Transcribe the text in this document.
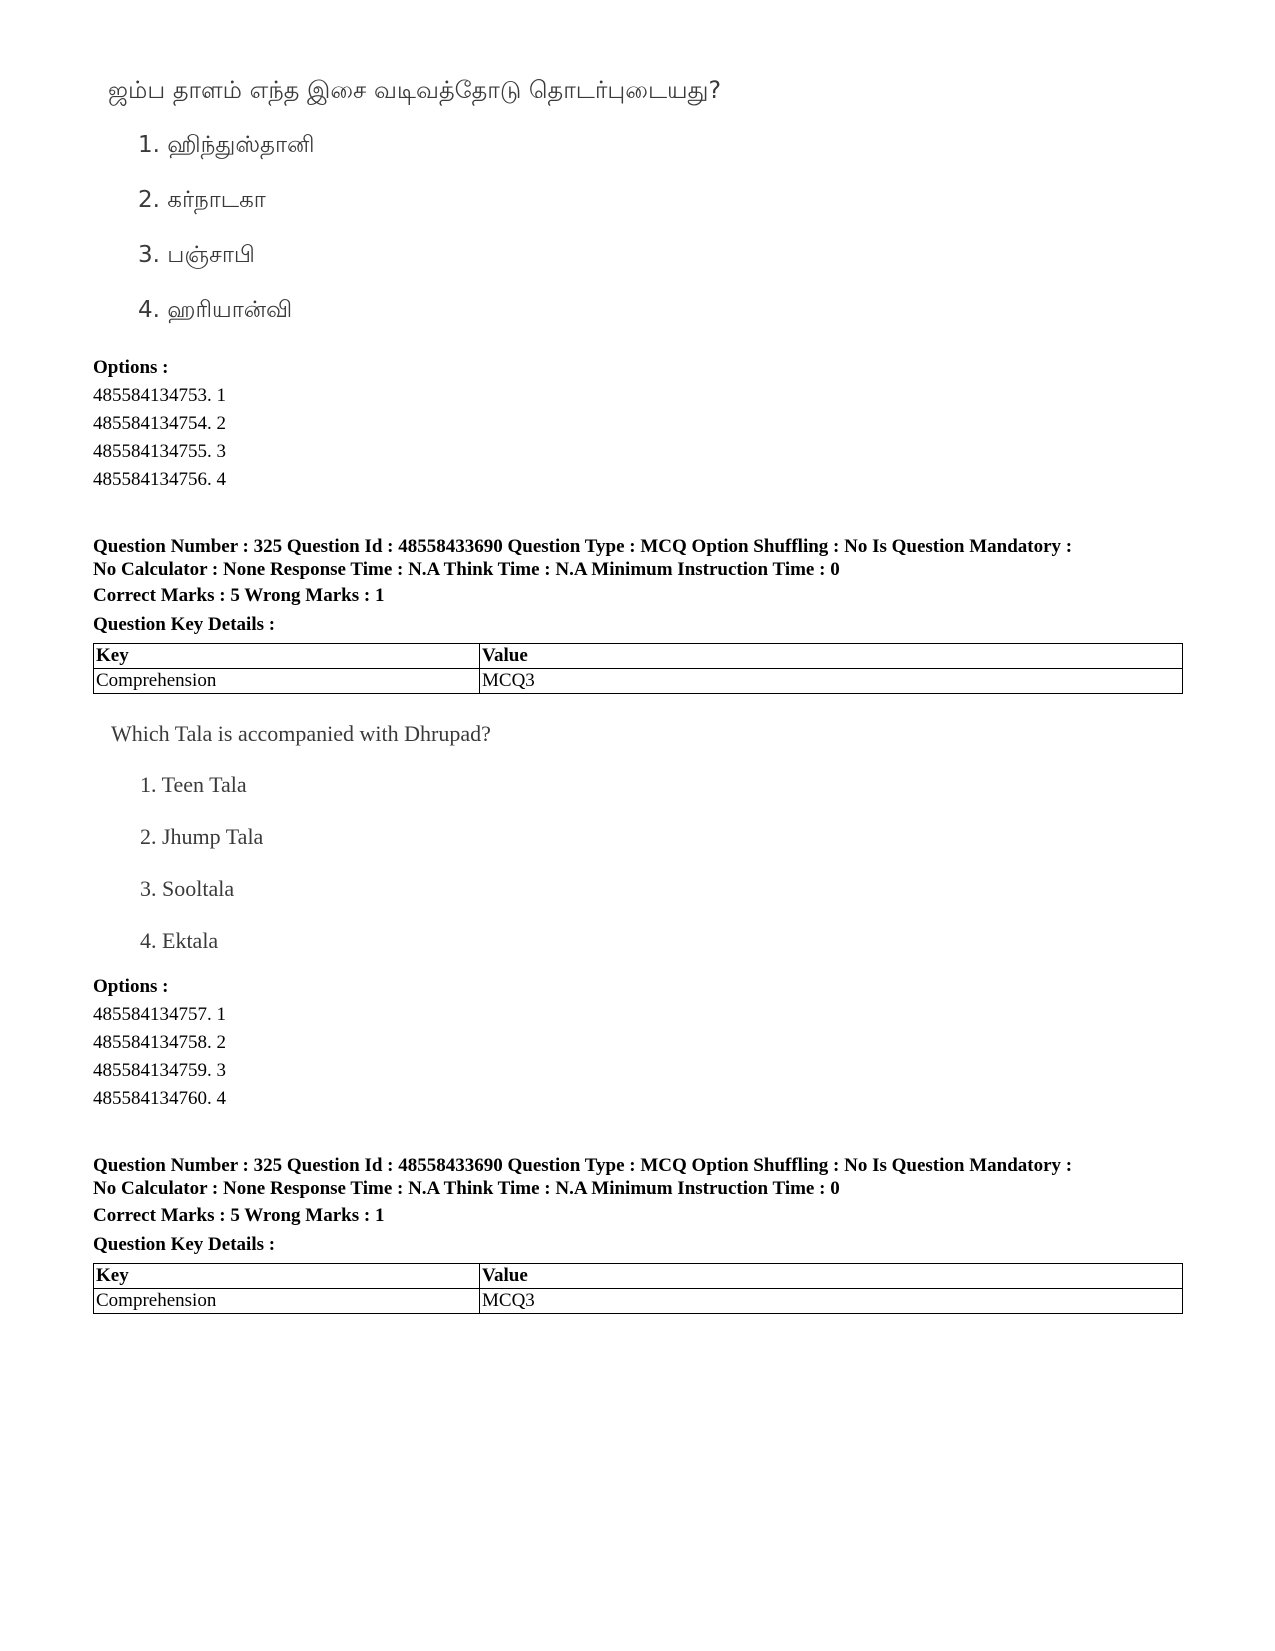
ஜம்ப தாளம் எந்த இசை வடிவத்தோடு தொடர்புடையது?
1. ஹிந்துஸ்தானி
2. கர்நாடகா
3. பஞ்சாபி
4. ஹரியான்வி
Options :
485584134753. 1
485584134754. 2
485584134755. 3
485584134756. 4
Question Number : 325 Question Id : 48558433690 Question Type : MCQ Option Shuffling : No Is Question Mandatory :
No Calculator : None Response Time : N.A Think Time : N.A Minimum Instruction Time : 0
Correct Marks : 5 Wrong Marks : 1
Question Key Details :
Key	Value
Comprehension	MCQ3
Which Tala is accompanied with Dhrupad?
1. Teen Tala
2. Jhump Tala
3. Sooltala
4. Ektala
Options :
485584134757. 1
485584134758. 2
485584134759. 3
485584134760. 4
Question Number : 325 Question Id : 48558433690 Question Type : MCQ Option Shuffling : No Is Question Mandatory :
No Calculator : None Response Time : N.A Think Time : N.A Minimum Instruction Time : 0
Correct Marks : 5 Wrong Marks : 1
Question Key Details :
Key	Value
Comprehension	MCQ3
